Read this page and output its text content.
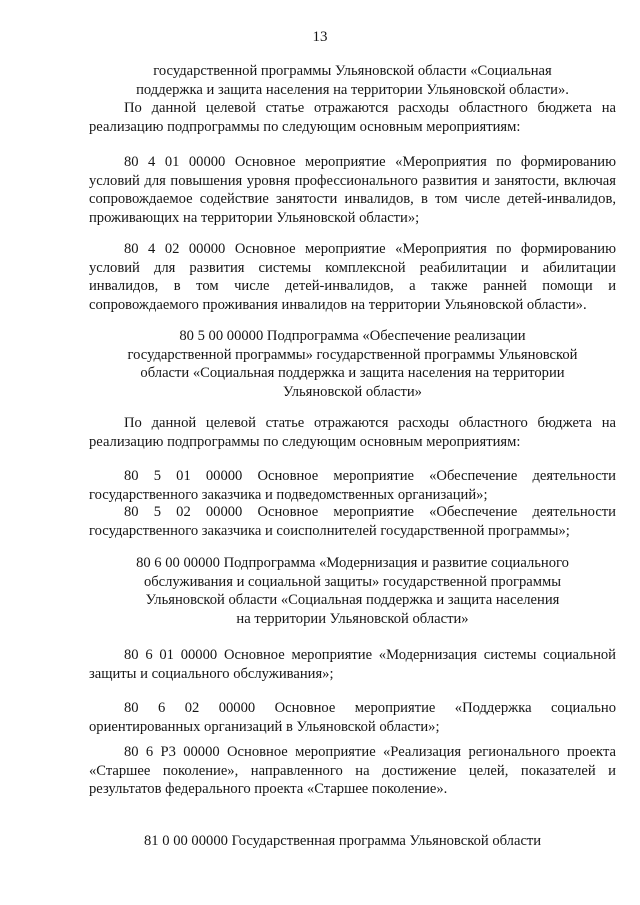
13
государственной программы Ульяновской области «Социальная
поддержка и защита населения на территории Ульяновской области».

По данной целевой статье отражаются расходы областного бюджета на реализацию подпрограммы по следующим основным мероприятиям:

80 4 01 00000 Основное мероприятие «Мероприятия по формированию условий для повышения уровня профессионального развития и занятости, включая сопровождаемое содействие занятости инвалидов, в том числе детей-инвалидов, проживающих на территории Ульяновской области»;

80 4 02 00000 Основное мероприятие «Мероприятия по формированию условий для развития системы комплексной реабилитации и абилитации инвалидов, в том числе детей-инвалидов, а также ранней помощи и сопровождаемого проживания инвалидов на территории Ульяновской области».

80 5 00 00000 Подпрограмма «Обеспечение реализации
государственной программы» государственной программы Ульяновской
области «Социальная поддержка и защита населения на территории
Ульяновской области»

По данной целевой статье отражаются расходы областного бюджета на реализацию подпрограммы по следующим основным мероприятиям:

80 5 01 00000 Основное мероприятие «Обеспечение деятельности государственного заказчика и подведомственных организаций»;

80 5 02 00000 Основное мероприятие «Обеспечение деятельности государственного заказчика и соисполнителей государственной программы»;

80 6 00 00000 Подпрограмма «Модернизация и развитие социального
обслуживания и социальной защиты» государственной программы
Ульяновской области «Социальная поддержка и защита населения
на территории Ульяновской области»

80 6 01 00000 Основное мероприятие «Модернизация системы социальной защиты и социального обслуживания»;

80 6 02 00000 Основное мероприятие «Поддержка социально ориентированных организаций в Ульяновской области»;

80 6 P3 00000 Основное мероприятие «Реализация регионального проекта «Старшее поколение», направленного на достижение целей, показателей и результатов федерального проекта «Старшее поколение».

81 0 00 00000 Государственная программа Ульяновской области
